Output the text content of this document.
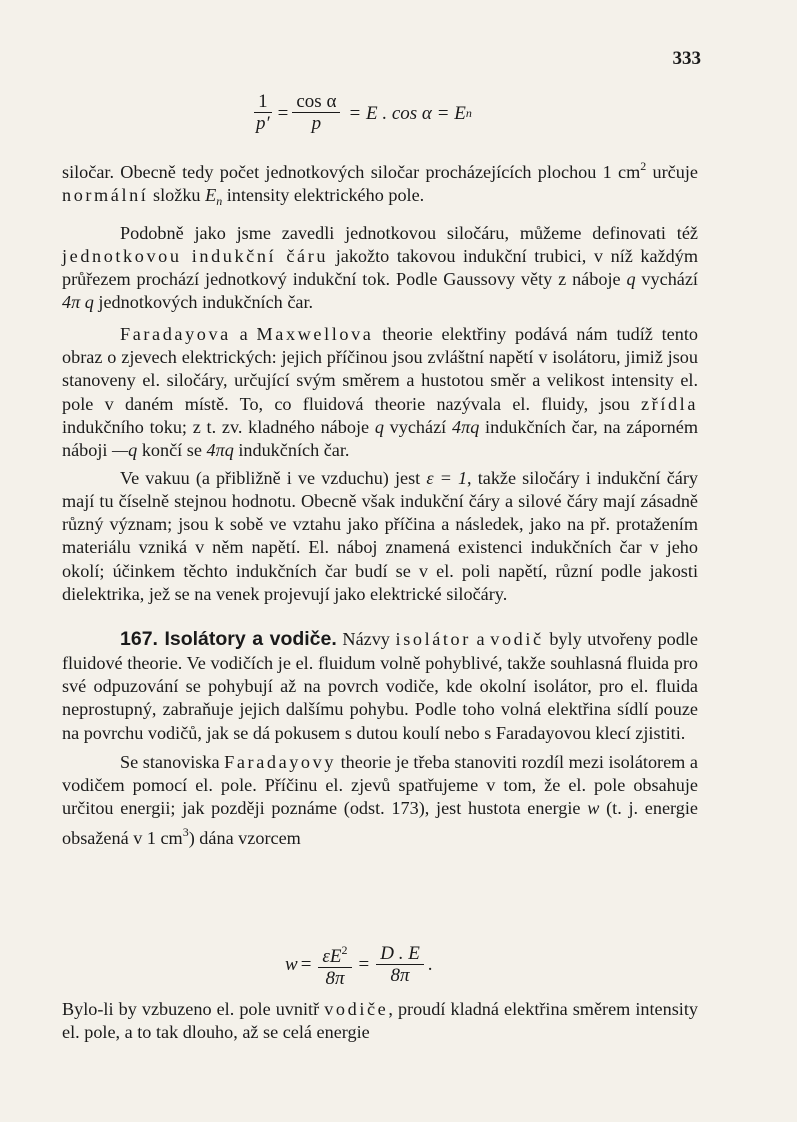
333
$\frac{1}{p'} = \frac{\text{cos α}}{p} = E$ . cos α = E n

siločar. Obecně tedy počet jednotkových siločar procházejících plochou 1 $cm^2$ určuje normální složku $E_n$ intensity elektrického pole.

Podobně jako jsme zavedli jednotkovou siločáru, můžeme definovati též jednotkovou indukční čáru jakožto takovou indukční trubici, v níž každým průřezem prochází jednotkový indukční tok. Podle Gaussovy věty z náboje q vychází 4π q jednotkových indukčních čar.

Faradayova a Maxwellova theorie elektřiny podává nám tudíž tento obraz o zjevech elektrických: jejich příčinou jsou zvláštní napětí v isolátoru, jimiž jsou stanoveny el. siločáry, určující svým směrem a hustotou směr a velikost intensity el. pole v daném místě. To, co fluidová theorie nazývala el. fluidy, jsou zřídla indukčního toku; z t. zv. kladného náboje q vychází 4πq indukčních čar, na záporném náboji —q končí se 4πq indukčních čar.

Ve vakuu (a přibližně i ve vzduchu) jest ε = 1, takže siločáry i indukční čáry mají tu číselně stejnou hodnotu. Obecně však indukční čáry a silové čáry mají zásadně různý význam; jsou k sobě ve vztahu jako příčina a následek, jako na př. protažením materiálu vzniká v něm napětí. El. náboj znamená existenci indukčních čar v jeho okolí; účinkem těchto indukčních čar budí se v el. poli napětí, různí podle jakosti dielektrika, jež se na venek projevují jako elektrické siločáry.

167. Isolátory a vodiče. Názvy isolátor a vodič byly utvořeny podle fluidové theorie. Ve vodičích je el. fluidum volně pohyblivé, takže souhlasná fluida pro své odpuzování se pohybují až na povrch vodiče, kde okolní isolátor, pro el. fluida neprostupný, zabraňuje jejich dalšímu pohybu. Podle toho volná elektřina sídlí pouze na povrchu vodičů, jak se dá pokusem s dutou koulí nebo s Faradayovou klecí zjistiti.

Se stanoviska Faradayovy theorie je třeba stanoviti rozdíl mezi isolátorem a vodičem pomocí el. pole. Příčinu el. zjevů spatřujeme v tom, že el. pole obsahuje určitou energii; jak později poznáme (odst. 173), jest hustota energie w (t. j. energie obsažená v 1 $cm^3$) dána vzorcem

$w = \frac{\varepsilon E^2}{8\pi} = \frac{D . E}{8\pi}$ .

Bylo-li by vzbuzeno el. pole uvnitř vodiče, proudí kladná elektřina směrem intensity el. pole, a to tak dlouho, až se celá energie
